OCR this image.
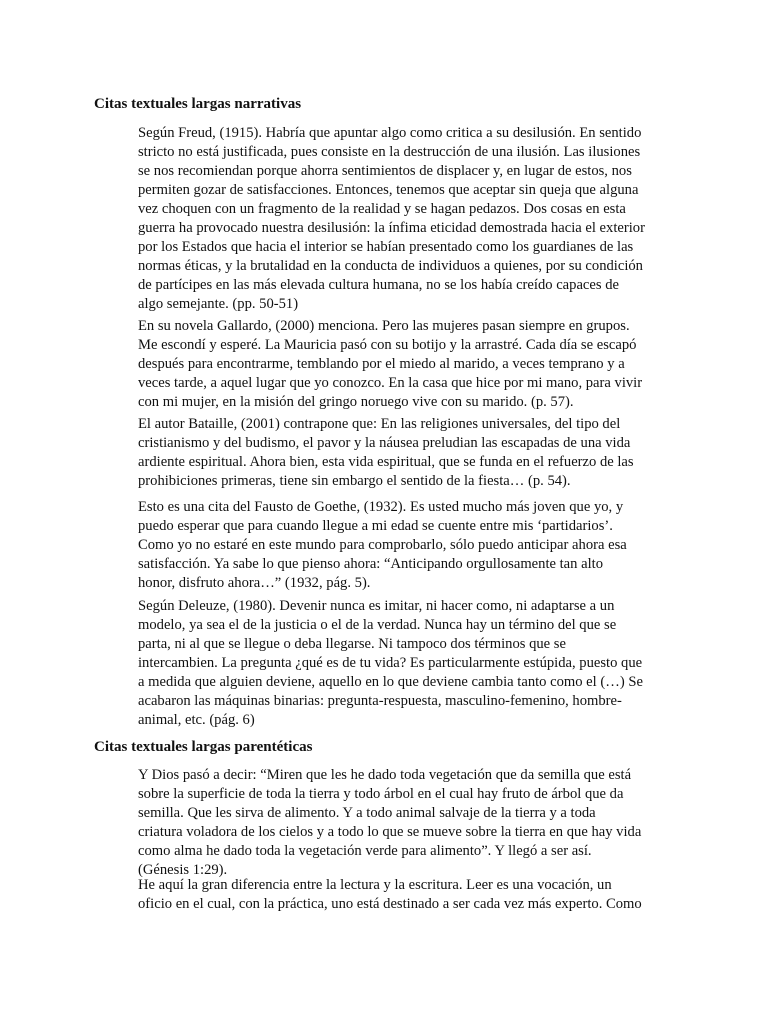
Citas textuales largas narrativas

Según Freud, (1915). Habría que apuntar algo como critica a su desilusión. En sentido
stricto no está justificada, pues consiste en la destrucción de una ilusión. Las ilusiones
se nos recomiendan porque ahorra sentimientos de displacer y, en lugar de estos, nos
permiten gozar de satisfacciones. Entonces, tenemos que aceptar sin queja que alguna
vez choquen con un fragmento de la realidad y se hagan pedazos. Dos cosas en esta
guerra ha provocado nuestra desilusión: la ínfima eticidad demostrada hacia el exterior
por los Estados que hacia el interior se habían presentado como los guardianes de las
normas éticas, y la brutalidad en la conducta de individuos a quienes, por su condición
de partícipes en las más elevada cultura humana, no se los había creído capaces de
algo semejante. (pp. 50-51)

En su novela Gallardo, (2000) menciona. Pero las mujeres pasan siempre en grupos.
Me escondí y esperé. La Mauricia pasó con su botijo y la arrastré. Cada día se escapó
después para encontrarme, temblando por el miedo al marido, a veces temprano y a
veces tarde, a aquel lugar que yo conozco. En la casa que hice por mi mano, para vivir
con mi mujer, en la misión del gringo noruego vive con su marido. (p. 57).

El autor Bataille, (2001) contrapone que: En las religiones universales, del tipo del
cristianismo y del budismo, el pavor y la náusea preludian las escapadas de una vida
ardiente espiritual. Ahora bien, esta vida espiritual, que se funda en el refuerzo de las
prohibiciones primeras, tiene sin embargo el sentido de la fiesta… (p. 54).

Esto es una cita del Fausto de Goethe, (1932). Es usted mucho más joven que yo, y
puedo esperar que para cuando llegue a mi edad se cuente entre mis ‘partidarios’.
Como yo no estaré en este mundo para comprobarlo, sólo puedo anticipar ahora esa
satisfacción. Ya sabe lo que pienso ahora: “Anticipando orgullosamente tan alto
honor, disfruto ahora…” (1932, pág. 5).

Según Deleuze, (1980). Devenir nunca es imitar, ni hacer como, ni adaptarse a un
modelo, ya sea el de la justicia o el de la verdad. Nunca hay un término del que se
parta, ni al que se llegue o deba llegarse. Ni tampoco dos términos que se
intercambien. La pregunta ¿qué es de tu vida? Es particularmente estúpida, puesto que
a medida que alguien deviene, aquello en lo que deviene cambia tanto como el (…) Se
acabaron las máquinas binarias: pregunta-respuesta, masculino-femenino, hombre-
animal, etc. (pág. 6)

Citas textuales largas parentéticas

Y Dios pasó a decir: “Miren que les he dado toda vegetación que da semilla que está
sobre la superficie de toda la tierra y todo árbol en el cual hay fruto de árbol que da
semilla. Que les sirva de alimento. Y a todo animal salvaje de la tierra y a toda
criatura voladora de los cielos y a todo lo que se mueve sobre la tierra en que hay vida
como alma he dado toda la vegetación verde para alimento”. Y llegó a ser así.
(Génesis 1:29).

He aquí la gran diferencia entre la lectura y la escritura. Leer es una vocación, un
oficio en el cual, con la práctica, uno está destinado a ser cada vez más experto. Como
